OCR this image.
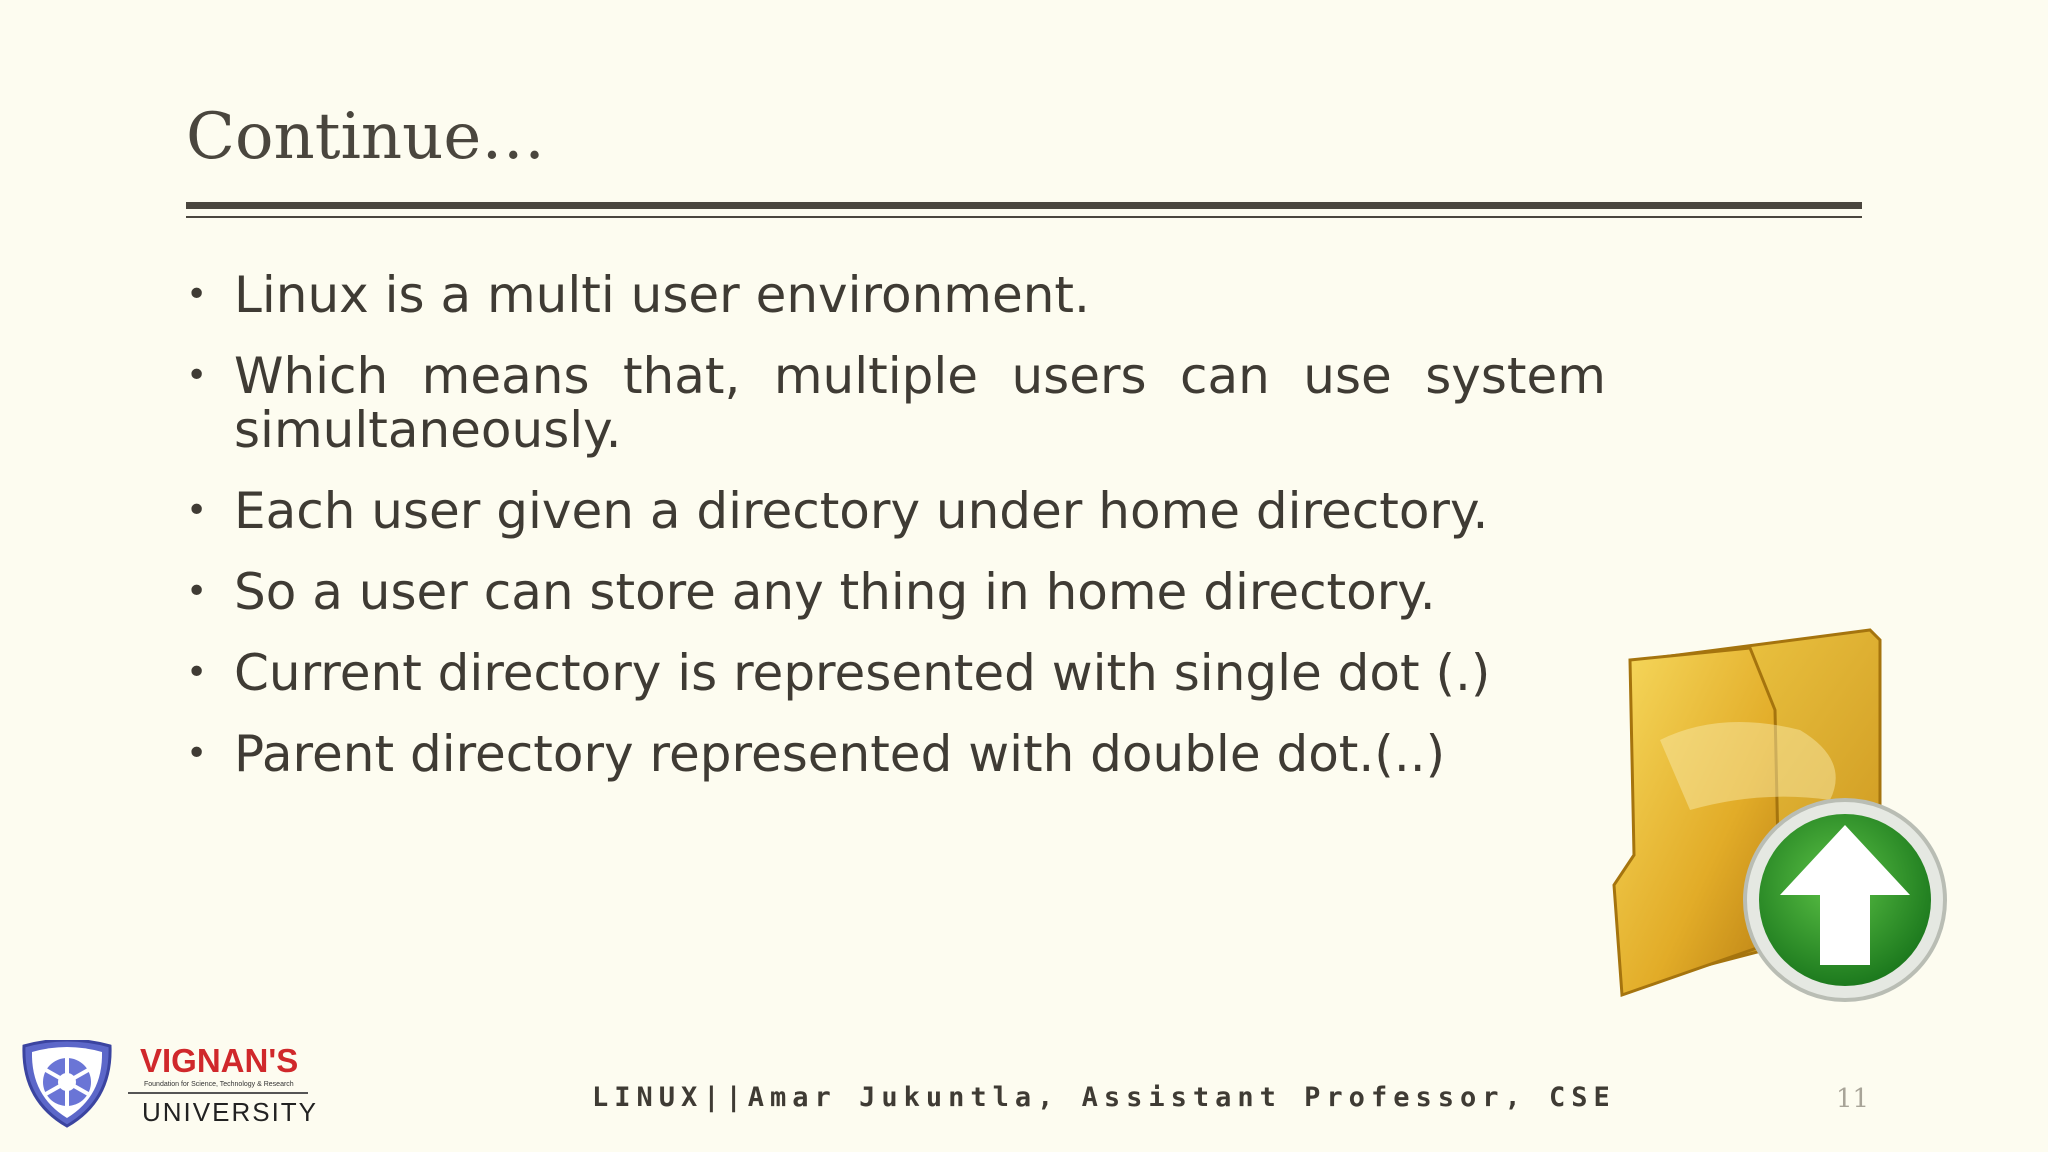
Continue…
• Linux is a multi user environment.
• Which means that, multiple users can use system simultaneously.
• Each user given a directory under home directory.
• So a user can store any thing in home directory.
• Current directory is represented with single dot (.)
• Parent directory represented with double dot.(..)
VIGNAN'S
Foundation for Science, Technology & Research
UNIVERSITY	LINUX||Amar Jukuntla, Assistant Professor, CSE	11
